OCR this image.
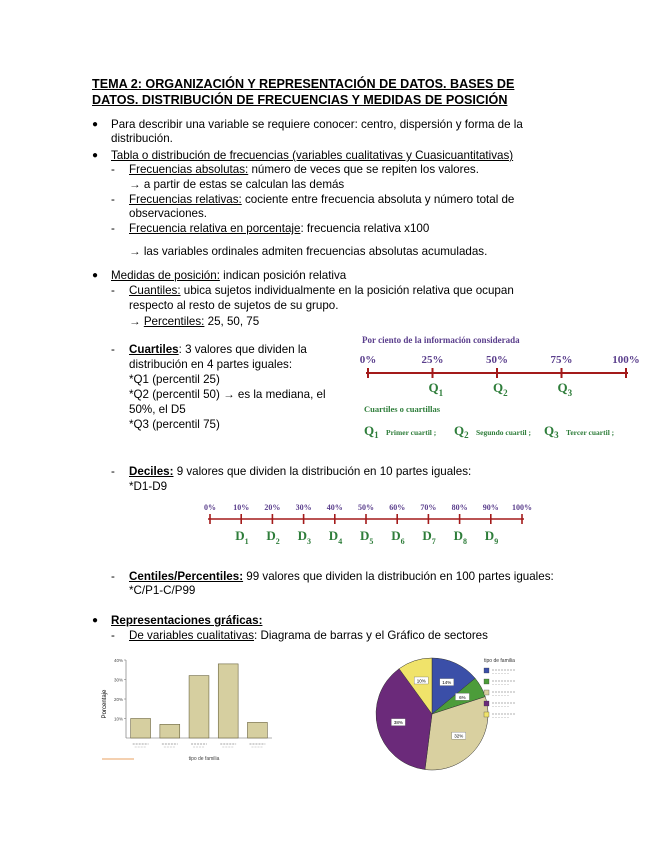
TEMA 2: ORGANIZACIÓN Y REPRESENTACIÓN DE DATOS. BASES DE
DATOS. DISTRIBUCIÓN DE FRECUENCIAS Y MEDIDAS DE POSICIÓN
● Para describir una variable se requiere conocer: centro, dispersión y forma de la
distribución.
● Tabla o distribución de frecuencias (variables cualitativas y Cuasicuantitativas)
- Frecuencias absolutas: número de veces que se repiten los valores.
→ a partir de estas se calculan las demás
- Frecuencias relativas: cociente entre frecuencia absoluta y número total de
observaciones.
- Frecuencia relativa en porcentaje: frecuencia relativa x100
→ las variables ordinales admiten frecuencias absolutas acumuladas.
● Medidas de posición: indican posición relativa
- Cuantiles: ubica sujetos individualmente en la posición relativa que ocupan
respecto al resto de sujetos de su grupo.
→ Percentiles: 25, 50, 75
- Cuartiles: 3 valores que dividen la
distribución en 4 partes iguales:
*Q1 (percentil 25)
*Q2 (percentil 50) → es la mediana, el
50%, el D5
*Q3 (percentil 75)
Por ciento de la información considerada
0%	25%	50%	75%	100%
$Q_1$	$Q_2$	$Q_3$
Cuartiles o cuartillas
$Q_1$ Primer cuartil ; $Q_2$ Segundo cuartil ; $Q_3$ Tercer cuartil ;
- Deciles: 9 valores que dividen la distribución en 10 partes iguales:
*D1-D9
0% 10% 20% 30% 40% 50% 60% 70% 80% 90% 100%
$D_1$ $D_2$ $D_3$ $D_4$ $D_5$ $D_6$ $D_7$ $D_8$ $D_9$
- Centiles/Percentiles: 99 valores que dividen la distribución en 100 partes iguales:
*C/P1-C/P99
● Representaciones gráficas:
- De variables cualitativas: Diagrama de barras y el Gráfico de sectores
Porcentaje
10%
20%
30%
40%
tipo de familia
14%
6%
32%
38%
10%
tipo de familia
